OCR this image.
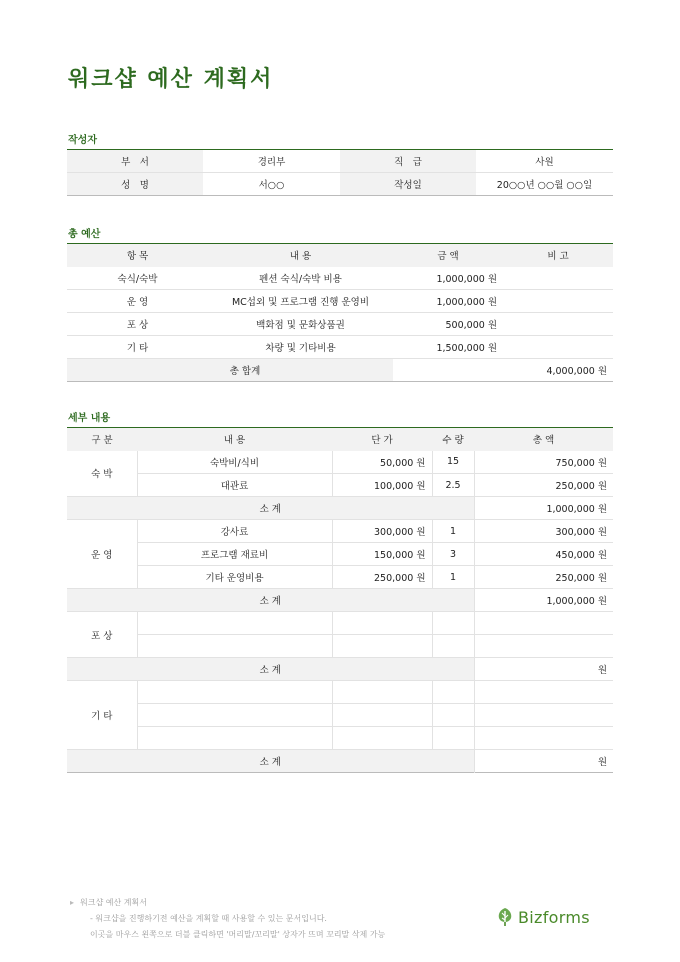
워크샵 예산 계획서
작성자
부　서	경리부	직　급	사원
성　명	서○○	작성일	20○○년 ○○월 ○○일
총 예산
항 목	내 용	금 액	비 고
숙식/숙박	펜션 숙식/숙박 비용	1,000,000 원	
운 영	MC섭외 및 프로그램 진행 운영비	1,000,000 원	
포 상	백화점 및 문화상품권	500,000 원	
기 타	차량 및 기타비용	1,500,000 원	
총 합계		4,000,000 원	
세부 내용
구 분	내 용	단 가	수 량	총 액
숙 박	숙박비/식비	50,000 원	15	750,000 원
	대관료	100,000 원	2.5	250,000 원
소 계				1,000,000 원
운 영	강사료	300,000 원	1	300,000 원
	프로그램 재료비	150,000 원	3	450,000 원
	기타 운영비용	250,000 원	1	250,000 원
소 계				1,000,000 원
포 상				

소 계				원
기 타				

소 계				원
▸ 워크샵 예산 계획서
- 워크샵을 진행하기전 예산을 계획할 때 사용할 수 있는 문서입니다.
이곳을 마우스 왼쪽으로 더블 클릭하면 '머리말/꼬리말' 상자가 뜨며 꼬리말 삭제 가능
Bizforms
